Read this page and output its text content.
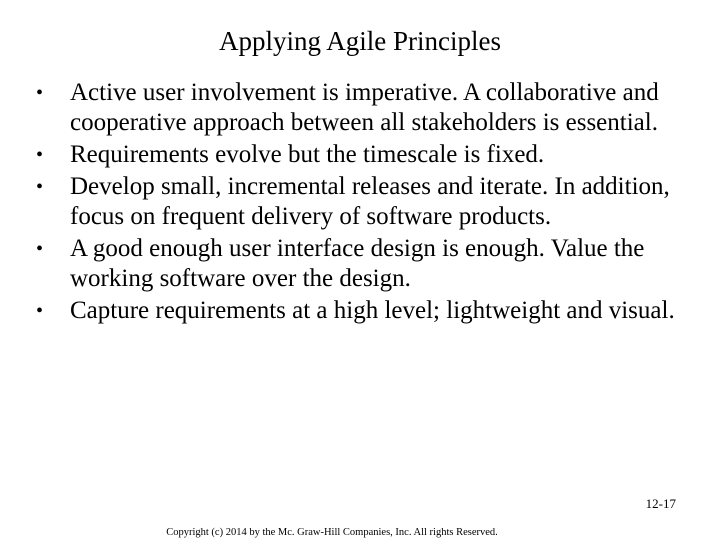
Applying Agile Principles
• Active user involvement is imperative. A collaborative and cooperative approach between all stakeholders is essential.
• Requirements evolve but the timescale is fixed.
• Develop small, incremental releases and iterate. In addition, focus on frequent delivery of software products.
• A good enough user interface design is enough. Value the working software over the design.
• Capture requirements at a high level; lightweight and visual.
12-17
Copyright (c) 2014 by the Mc. Graw-Hill Companies, Inc. All rights Reserved.
